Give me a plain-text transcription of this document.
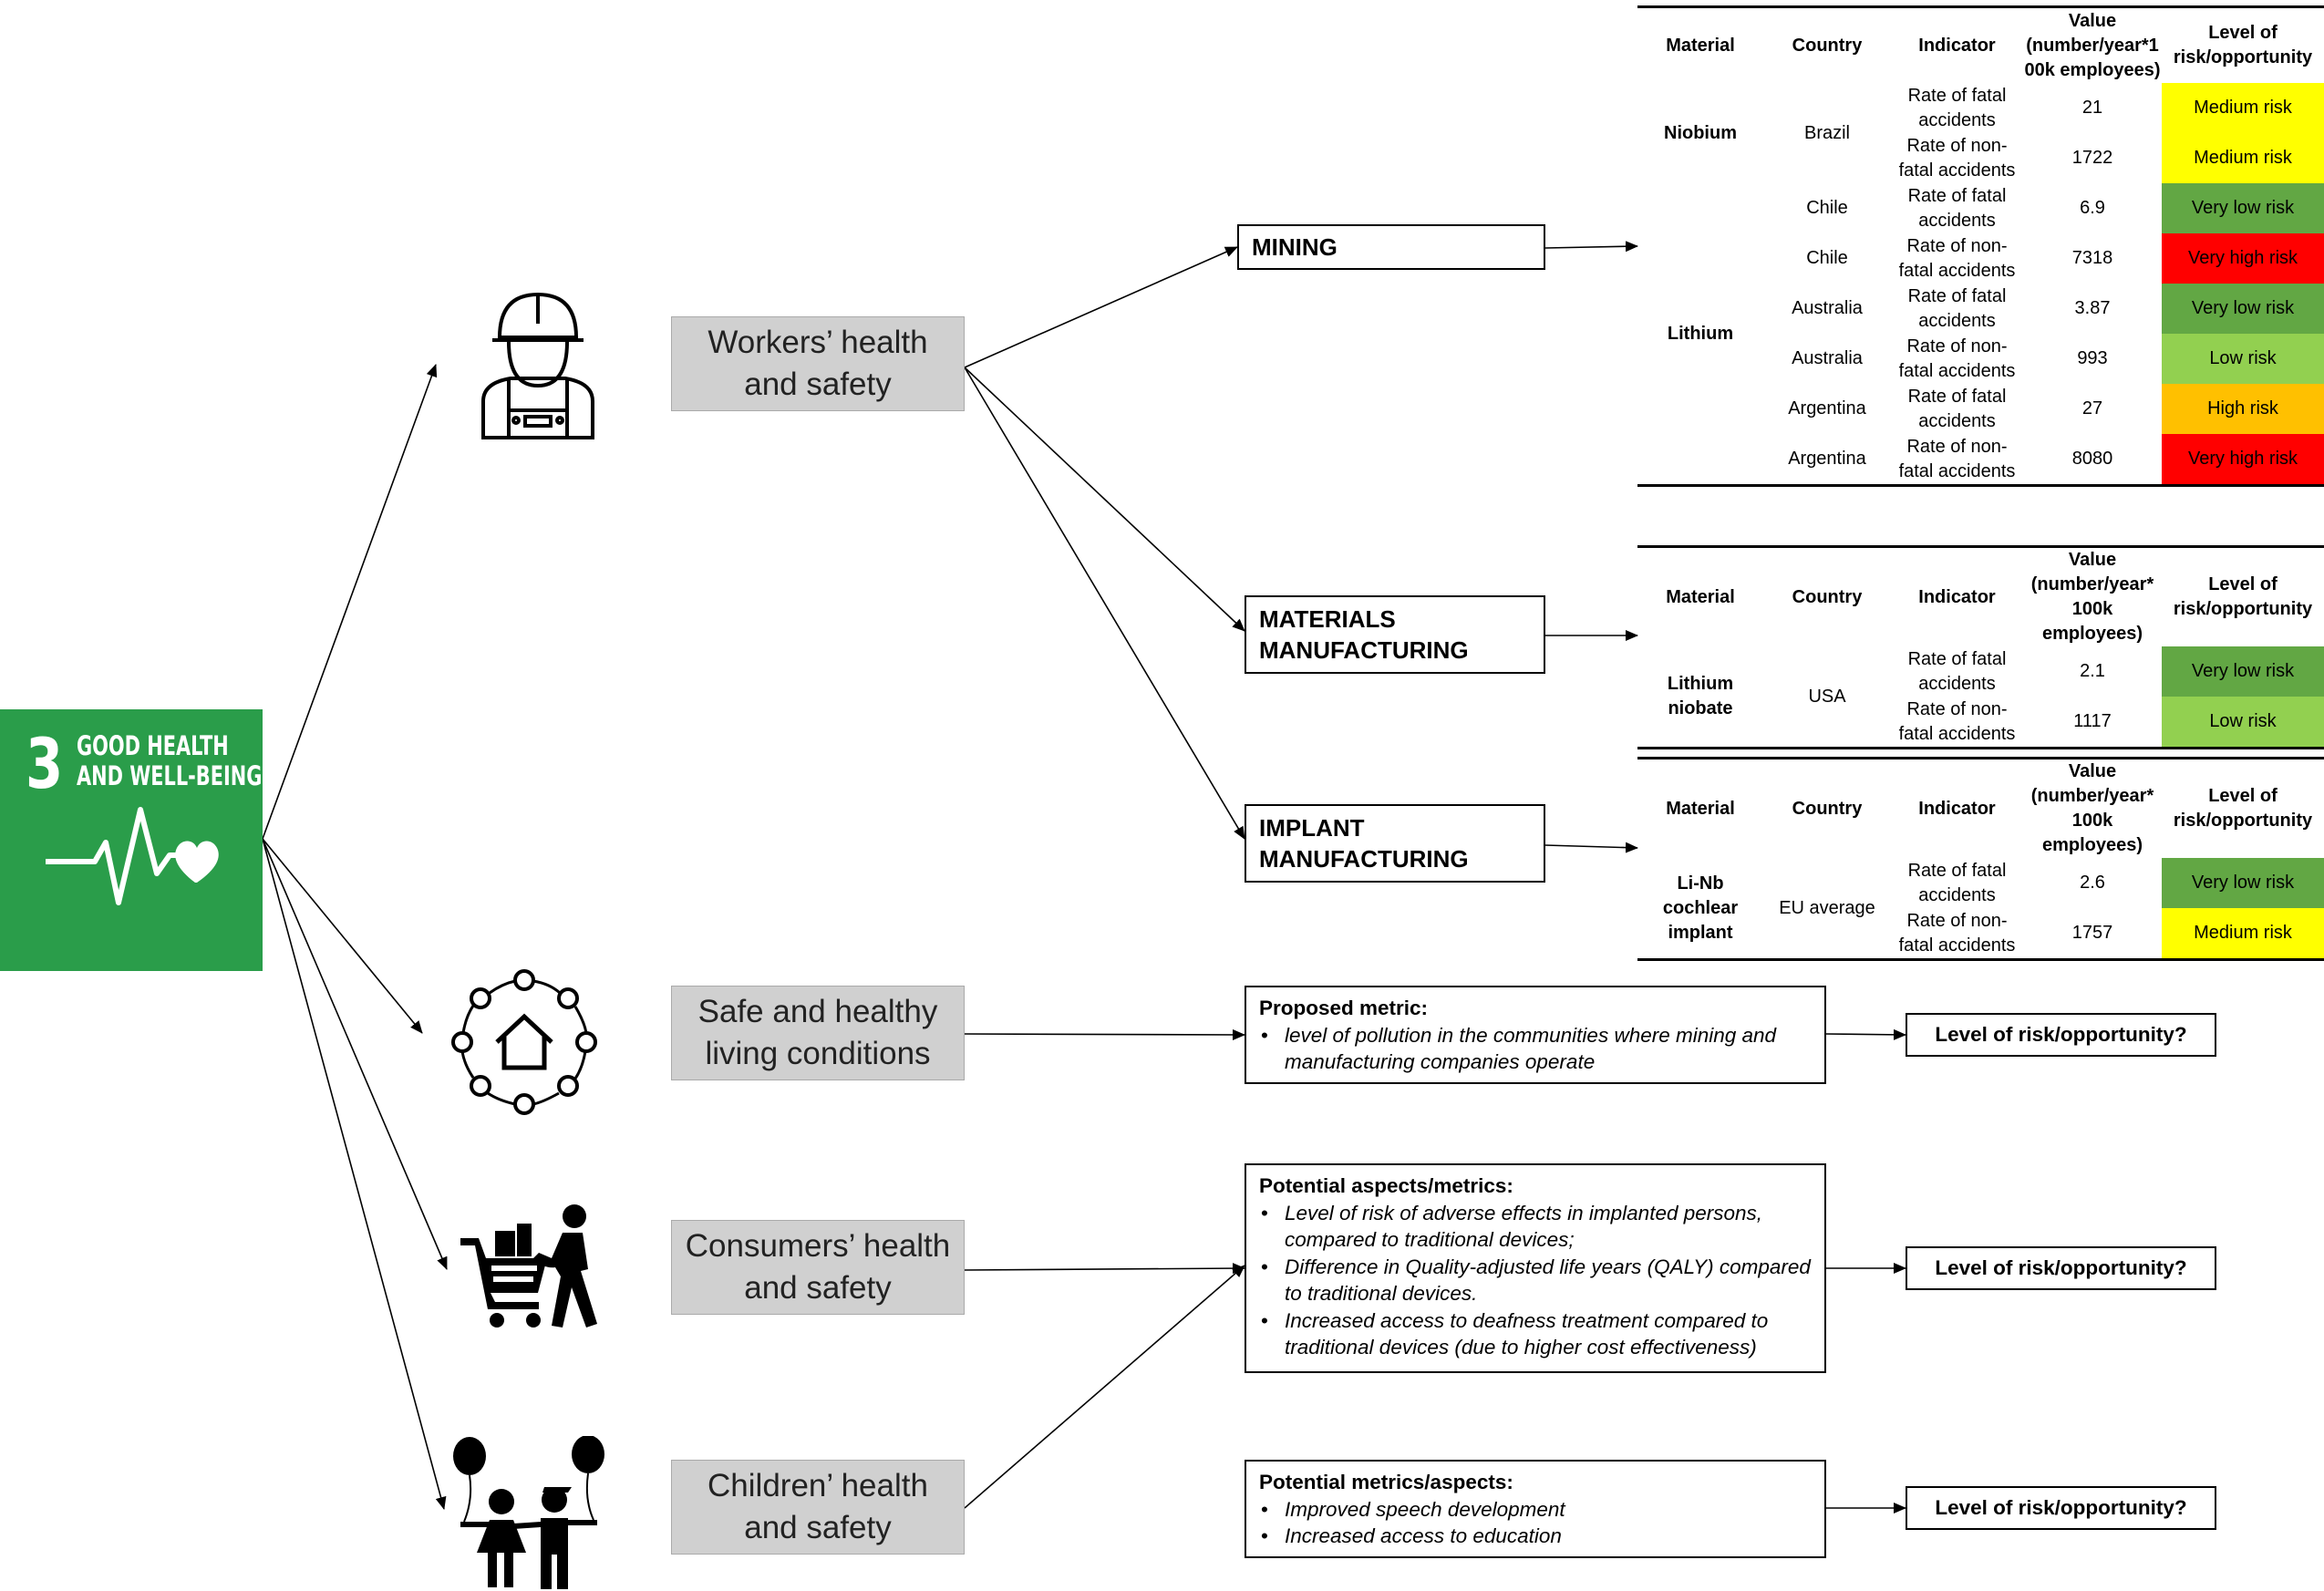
3 GOOD HEALTH
AND WELL-BEING
Workers’ health
and safety
Safe and healthy
living conditions
Consumers’ health
and safety
Children’ health
and safety
MINING
MATERIALS
MANUFACTURING
IMPLANT
MANUFACTURING
Material	Country	Indicator	Value
(number/year*1
00k employees)	Level of
risk/opportunity
Niobium	Brazil	Rate of fatal
accidents	21	Medium risk
		Rate of non-
fatal accidents	1722	Medium risk
Lithium	Chile	Rate of fatal
accidents	6.9	Very low risk
	Chile	Rate of non-
fatal accidents	7318	Very high risk
	Australia	Rate of fatal
accidents	3.87	Very low risk
	Australia	Rate of non-
fatal accidents	993	Low risk
	Argentina	Rate of fatal
accidents	27	High risk
	Argentina	Rate of non-
fatal accidents	8080	Very high risk
Material	Country	Indicator	Value
(number/year*
100k employees)	Level of
risk/opportunity
Lithium
niobate	USA	Rate of fatal
accidents	2.1	Very low risk
		Rate of non-
fatal accidents	1117	Low risk
Material	Country	Indicator	Value
(number/year*
100k employees)	Level of
risk/opportunity
Li-Nb cochlear
implant	EU average	Rate of fatal
accidents	2.6	Very low risk
		Rate of non-
fatal accidents	1757	Medium risk
Proposed metric:
• level of pollution in the communities where mining and manufacturing companies operate
Potential aspects/metrics:
• Level of risk of adverse effects in implanted persons, compared to traditional devices;
• Difference in Quality-adjusted life years (QALY) compared to traditional devices.
• Increased access to deafness treatment compared to traditional devices (due to higher cost effectiveness)
Potential metrics/aspects:
• Improved speech development
• Increased access to education
Level of risk/opportunity?
Level of risk/opportunity?
Level of risk/opportunity?
